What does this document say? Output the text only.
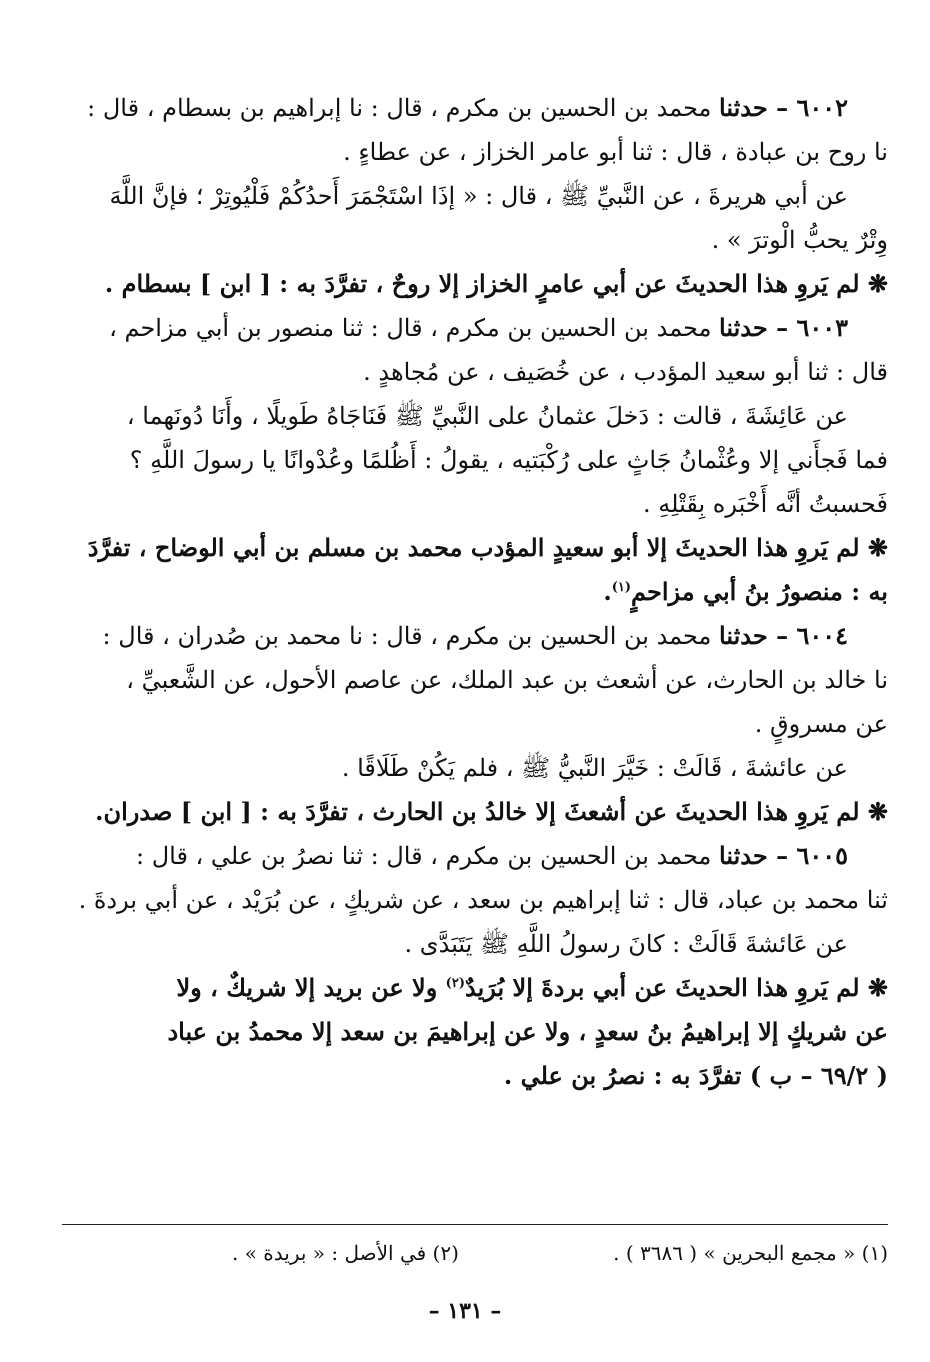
٦٠٠٢ – حدثنا محمد بن الحسين بن مكرم ، قال : نا إبراهيم بن بسطام ، قال :

نا روح بن عبادة ، قال : ثنا أبو عامر الخزاز ، عن عطاءٍ .

عن أبي هريرةَ ، عن النَّبيِّ ﷺ ، قال : « إذَا اسْتَجْمَرَ أَحدُكُمْ فَلْيُوتِرْ ؛ فإنَّ اللَّهَ

وِتْرٌ يحبُّ الْوترَ » .

❋ لم يَروِ هذا الحديثَ عن أبي عامرٍ الخزاز إلا روحٌ ، تفرَّدَ به : [ ابن ] بسطام .

٦٠٠٣ – حدثنا محمد بن الحسين بن مكرم ، قال : ثنا منصور بن أبي مزاحم ،

قال : ثنا أبو سعيد المؤدب ، عن خُصَيف ، عن مُجاهدٍ .

عن عَائِشَةَ ، قالت : دَخلَ عثمانُ على النَّبيِّ ﷺ فَنَاجَاهُ طَويلًا ، وأَنَا دُونَهما ،

فما فَجأَني إلا وعُثْمانُ جَاثٍ على رُكْبَتيه ، يقولُ : أَظُلمًا وعُدْوانًا يا رسولَ اللَّهِ ؟

فَحسبتُ أنَّه أَخْبَره بِقَتْلِهِ .

❋ لم يَروِ هذا الحديثَ إلا أبو سعيدٍ المؤدب محمد بن مسلم بن أبي الوضاح ، تفرَّدَ

به : منصورُ بنُ أبي مزاحمٍ$^{(١)}$.

٦٠٠٤ – حدثنا محمد بن الحسين بن مكرم ، قال : نا محمد بن صُدران ، قال :

نا خالد بن الحارث، عن أشعث بن عبد الملك، عن عاصم الأحول، عن الشَّعبيِّ ،

عن مسروقٍ .

عن عائشةَ ، قَالَتْ : خَيَّرَ النَّبيُّ ﷺ ، فلم يَكُنْ طَلَاقًا .

❋ لم يَروِ هذا الحديثَ عن أشعثَ إلا خالدُ بن الحارث ، تفرَّدَ به : [ ابن ] صدران.

٦٠٠٥ – حدثنا محمد بن الحسين بن مكرم ، قال : ثنا نصرُ بن علي ، قال :

ثنا محمد بن عباد، قال : ثنا إبراهيم بن سعد ، عن شريكٍ ، عن بُرَيْد ، عن أبي بردةَ .

عن عَائشةَ قَالَتْ : كانَ رسولُ اللَّهِ ﷺ يَتَبَدَّى .

❋ لم يَروِ هذا الحديثَ عن أبي بردةَ إلا بُرَيدٌ$^{(٢)}$ ولا عن بريد إلا شريكٌ ، ولا

عن شريكٍ إلا إبراهيمُ بنُ سعدٍ ، ولا عن إبراهيمَ بن سعد إلا محمدُ بن عباد

( ٦٩/٢ – ب ) تفرَّدَ به : نصرُ بن علي .

(١) « مجمع البحرين » ( ٣٦٨٦ ) .
(٢) في الأصل : « بريدة » .
– ١٣١ –
